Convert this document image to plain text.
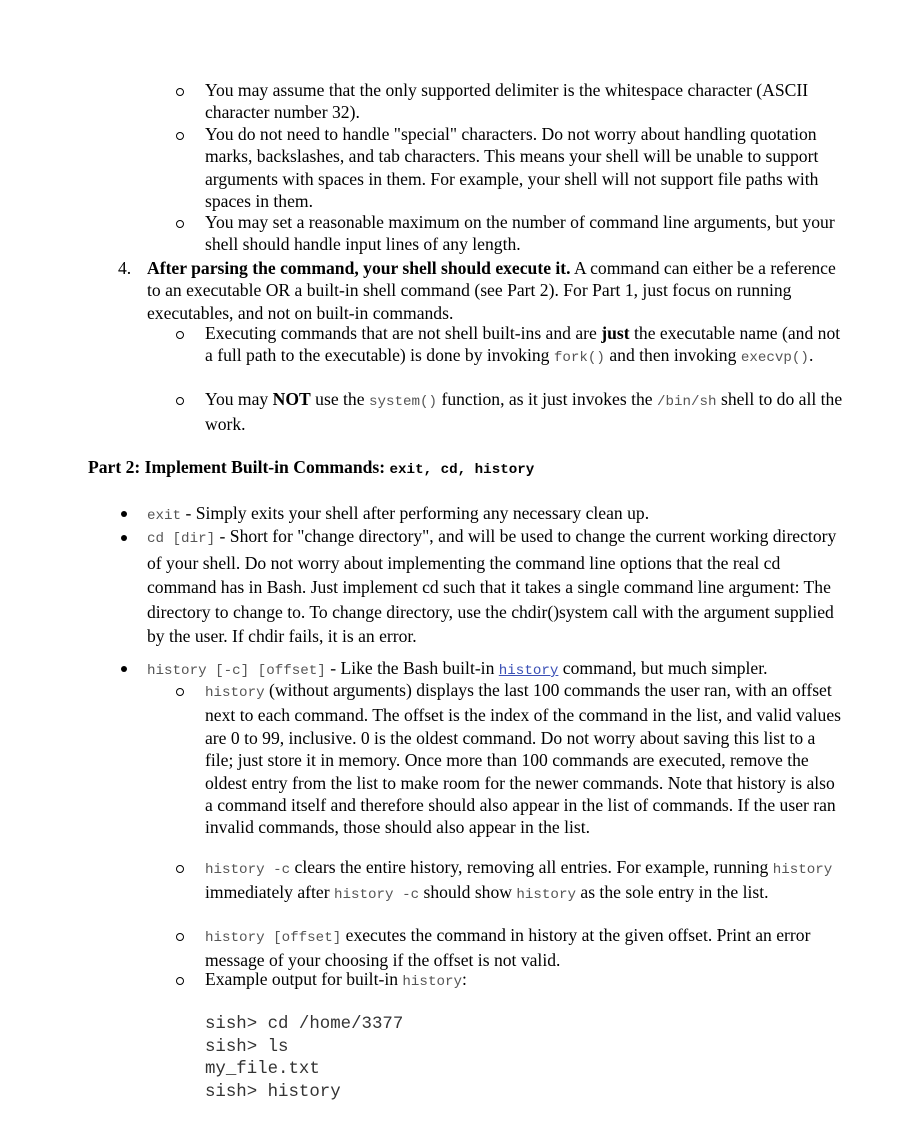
You may assume that the only supported delimiter is the whitespace character (ASCII character number 32).
You do not need to handle "special" characters. Do not worry about handling quotation marks, backslashes, and tab characters. This means your shell will be unable to support arguments with spaces in them. For example, your shell will not support file paths with spaces in them.
You may set a reasonable maximum on the number of command line arguments, but your shell should handle input lines of any length.
4. After parsing the command, your shell should execute it. A command can either be a reference to an executable OR a built-in shell command (see Part 2). For Part 1, just focus on running executables, and not on built-in commands.
Executing commands that are not shell built-ins and are just the executable name (and not a full path to the executable) is done by invoking fork() and then invoking execvp().
You may NOT use the system() function, as it just invokes the /bin/sh shell to do all the work.
Part 2: Implement Built-in Commands: exit, cd, history
exit - Simply exits your shell after performing any necessary clean up.
cd [dir] - Short for "change directory", and will be used to change the current working directory of your shell. Do not worry about implementing the command line options that the real cd command has in Bash. Just implement cd such that it takes a single command line argument: The directory to change to. To change directory, use the chdir()system call with the argument supplied by the user. If chdir fails, it is an error.
history [-c] [offset] - Like the Bash built-in history command, but much simpler.
history (without arguments) displays the last 100 commands the user ran, with an offset next to each command. The offset is the index of the command in the list, and valid values are 0 to 99, inclusive. 0 is the oldest command. Do not worry about saving this list to a file; just store it in memory. Once more than 100 commands are executed, remove the oldest entry from the list to make room for the newer commands. Note that history is also a command itself and therefore should also appear in the list of commands. If the user ran invalid commands, those should also appear in the list.
history -c clears the entire history, removing all entries. For example, running history immediately after history -c should show history as the sole entry in the list.
history [offset] executes the command in history at the given offset. Print an error message of your choosing if the offset is not valid.
Example output for built-in history:
sish> cd /home/3377
sish> ls
my_file.txt
sish> history
